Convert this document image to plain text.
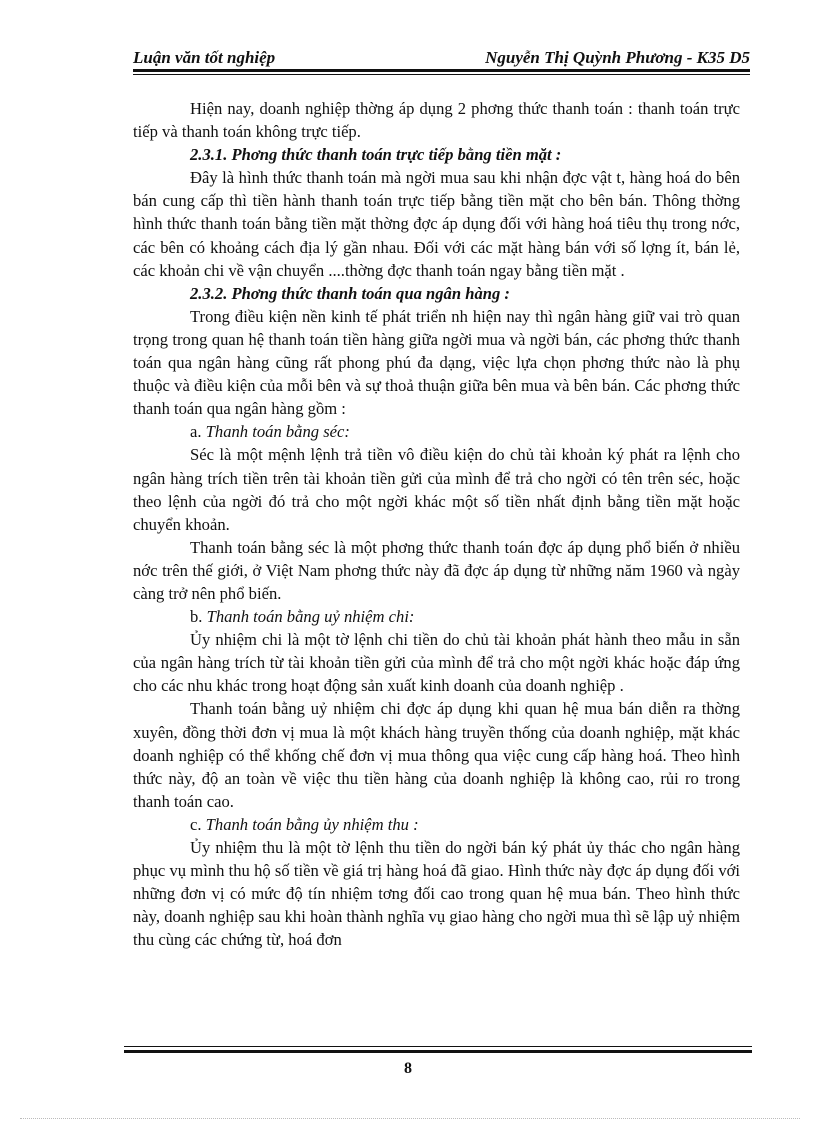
Luận văn tốt nghiệp	Nguyễn Thị Quỳnh Phương - K35 D5

Hiện nay, doanh nghiệp thờng áp dụng 2 phơng thức thanh toán : thanh toán trực tiếp và thanh toán không trực tiếp.

2.3.1. Phơng thức thanh toán trực tiếp bằng tiền mặt :

Đây là hình thức thanh toán mà ngời mua sau khi nhận đợc vật t, hàng hoá do bên bán cung cấp thì tiền hành thanh toán trực tiếp bằng tiền mặt cho bên bán. Thông thờng hình thức thanh toán bằng tiền mặt thờng đợc áp dụng đối với hàng hoá tiêu thụ trong nớc, các bên có khoảng cách địa lý gần nhau. Đối với các mặt hàng bán với số lợng ít, bán lẻ, các khoản chi về vận chuyển ....thờng đợc thanh toán ngay bằng tiền mặt .

2.3.2. Phơng thức thanh toán qua ngân hàng :

Trong điều kiện nền kinh tế phát triển nh hiện nay thì ngân hàng giữ vai trò quan trọng trong quan hệ thanh toán tiền hàng giữa ngời mua và ngời bán, các phơng thức thanh toán qua ngân hàng cũng rất phong phú đa dạng, việc lựa chọn phơng thức nào là phụ thuộc và điều kiện của mỗi bên và sự thoả thuận giữa bên mua và bên bán. Các phơng thức thanh toán qua ngân hàng gồm :

a. Thanh toán bằng séc:

Séc là một mệnh lệnh trả tiền vô điều kiện do chủ tài khoản ký phát ra lệnh cho ngân hàng trích tiền trên tài khoản tiền gửi của mình để trả cho ngời có tên trên séc, hoặc theo lệnh của ngời đó trả cho một ngời khác một số tiền nhất định bằng tiền mặt hoặc chuyển khoản.

Thanh toán bằng séc là một phơng thức thanh toán đợc áp dụng phổ biến ở nhiều nớc trên thế giới, ở Việt Nam phơng thức này đã đợc áp dụng từ những năm 1960 và ngày càng trở nên phổ biến.

b. Thanh toán bằng uỷ nhiệm chi:

Ủy nhiệm chi là một tờ lệnh chi tiền do chủ tài khoản phát hành theo mẫu in sẵn của ngân hàng trích từ tài khoản tiền gửi của mình để trả cho một ngời khác hoặc đáp ứng cho các nhu khác trong hoạt động sản xuất kinh doanh của doanh nghiệp .

Thanh toán bằng uỷ nhiệm chi đợc áp dụng khi quan hệ mua bán diễn ra thờng xuyên, đồng thời đơn vị mua là một khách hàng truyền thống của doanh nghiệp, mặt khác doanh nghiệp có thể khống chế đơn vị mua thông qua việc cung cấp hàng hoá. Theo hình thức này, độ an toàn về việc thu tiền hàng của doanh nghiệp là không cao, rủi ro trong thanh toán cao.

c. Thanh toán bằng ủy nhiệm thu :

Ủy nhiệm thu là một tờ lệnh thu tiền do ngời bán ký phát ủy thác cho ngân hàng phục vụ mình thu hộ số tiền về giá trị hàng hoá đã giao. Hình thức này đợc áp dụng đối với những đơn vị có mức độ tín nhiệm tơng đối cao trong quan hệ mua bán. Theo hình thức này, doanh nghiệp sau khi hoàn thành nghĩa vụ giao hàng cho ngời mua thì sẽ lập uỷ nhiệm thu cùng các chứng từ, hoá đơn

8
